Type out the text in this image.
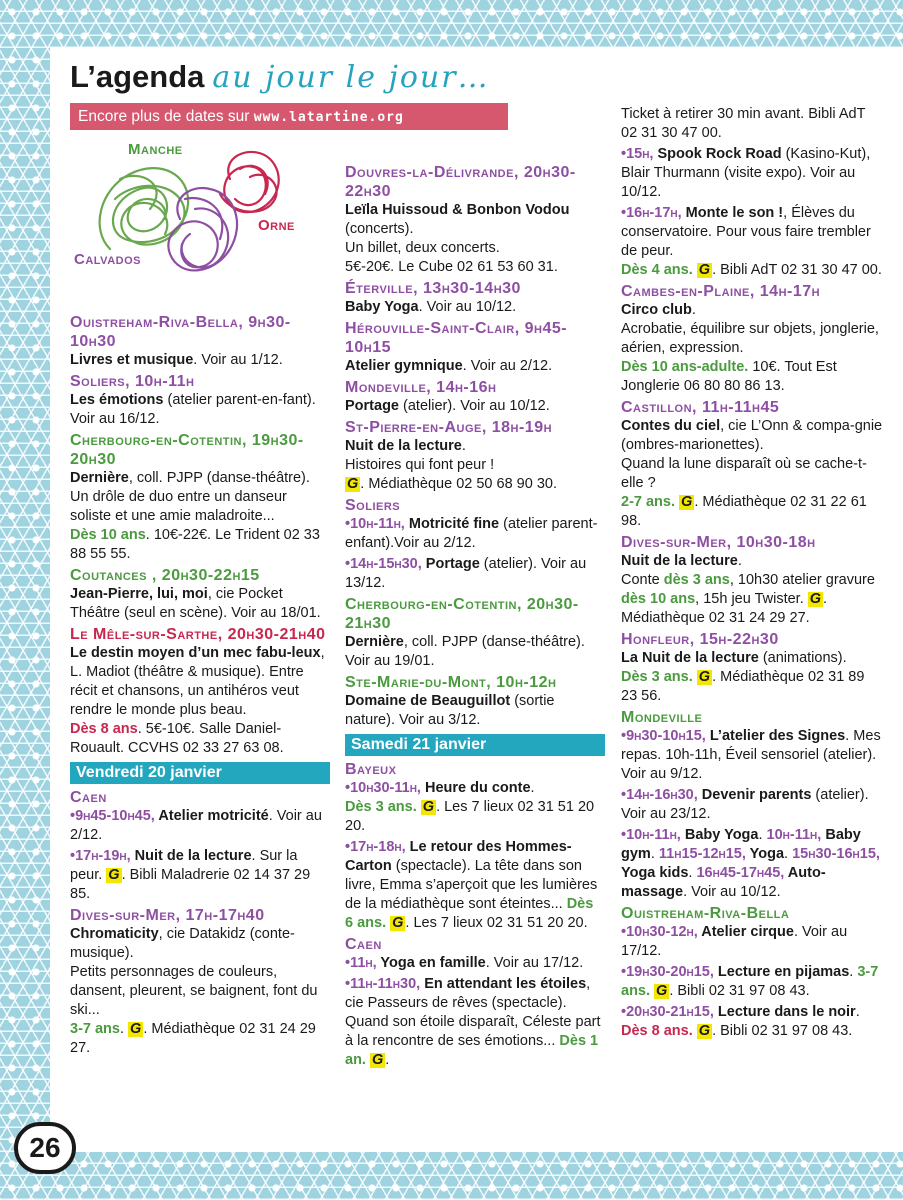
L’agenda au jour le jour…
Encore plus de dates sur www.latartine.org
Manche
Orne
Calvados
Ouistreham-Riva-Bella, 9h30-10h30
Livres et musique. Voir au 1/12.
Soliers, 10h-11h
Les émotions (atelier parent-en-fant). Voir au 16/12.
Cherbourg-en-Cotentin, 19h30-20h30
Dernière, coll. PJPP (danse-théâtre).
Un drôle de duo entre un danseur soliste et une amie maladroite...
Dès 10 ans. 10€-22€. Le Trident 02 33 88 55 55.
Coutances , 20h30-22h15
Jean-Pierre, lui, moi, cie Pocket Théâtre (seul en scène). Voir au 18/01.
Le Mêle-sur-Sarthe, 20h30-21h40
Le destin moyen d’un mec fabu-leux, L. Madiot (théâtre & musique). Entre récit et chansons, un antihéros veut rendre le monde plus beau.
Dès 8 ans. 5€-10€. Salle Daniel-Rouault. CCVHS 02 33 27 63 08.
Vendredi 20 janvier
Caen
•9h45-10h45, Atelier motricité. Voir au 2/12.
•17h-19h, Nuit de la lecture. Sur la peur. G . Bibli Maladrerie 02 14 37 29 85.
Dives-sur-Mer, 17h-17h40
Chromaticity, cie Datakidz (conte-musique).
Petits personnages de couleurs, dansent, pleurent, se baignent, font du ski...
3-7 ans. G . Médiathèque 02 31 24 29 27.
Douvres-la-Délivrande, 20h30-22h30
Leïla Huissoud & Bonbon Vodou (concerts).
Un billet, deux concerts.
5€-20€. Le Cube 02 61 53 60 31.
Éterville, 13h30-14h30
Baby Yoga. Voir au 10/12.
Hérouville-Saint-Clair, 9h45-10h15
Atelier gymnique. Voir au 2/12.
Mondeville, 14h-16h
Portage (atelier). Voir au 10/12.
St-Pierre-en-Auge, 18h-19h
Nuit de la lecture.
Histoires qui font peur !
G . Médiathèque 02 50 68 90 30.
Soliers
•10h-11h, Motricité fine (atelier parent-enfant).Voir au 2/12.
•14h-15h30, Portage (atelier). Voir au 13/12.
Cherbourg-en-Cotentin, 20h30-21h30
Dernière, coll. PJPP (danse-théâtre). Voir au 19/01.
Ste-Marie-du-Mont, 10h-12h
Domaine de Beauguillot (sortie nature). Voir au 3/12.
Samedi 21 janvier
Bayeux
•10h30-11h, Heure du conte.
Dès 3 ans. G . Les 7 lieux 02 31 51 20 20.
•17h-18h, Le retour des Hommes-Carton (spectacle). La tête dans son livre, Emma s’aperçoit que les lumières de la médiathèque sont éteintes... Dès 6 ans. G . Les 7 lieux 02 31 51 20 20.
Caen
•11h, Yoga en famille. Voir au 17/12.
•11h-11h30, En attendant les étoiles, cie Passeurs de rêves (spectacle). Quand son étoile disparaît, Céleste part à la rencontre de ses émotions... Dès 1 an. G .
Ticket à retirer 30 min avant. Bibli AdT 02 31 30 47 00.
•15h, Spook Rock Road (Kasino-Kut), Blair Thurmann (visite expo). Voir au 10/12.
•16h-17h, Monte le son !, Élèves du conservatoire. Pour vous faire trembler de peur.
Dès 4 ans. G . Bibli AdT 02 31 30 47 00.
Cambes-en-Plaine, 14h-17h
Circo club.
Acrobatie, équilibre sur objets, jonglerie, aérien, expression.
Dès 10 ans-adulte. 10€. Tout Est Jonglerie 06 80 80 86 13.
Castillon, 11h-11h45
Contes du ciel, cie L’Onn & compa-gnie (ombres-marionettes).
Quand la lune disparaît où se cache-t-elle ?
2-7 ans. G . Médiathèque 02 31 22 61 98.
Dives-sur-Mer, 10h30-18h
Nuit de la lecture.
Conte dès 3 ans, 10h30 atelier gravure dès 10 ans, 15h jeu Twister. G . Médiathèque 02 31 24 29 27.
Honfleur, 15h-22h30
La Nuit de la lecture (animations).
Dès 3 ans. G . Médiathèque 02 31 89 23 56.
Mondeville
•9h30-10h15, L’atelier des Signes. Mes repas. 10h-11h, Éveil sensoriel (atelier). Voir au 9/12.
•14h-16h30, Devenir parents (atelier). Voir au 23/12.
•10h-11h, Baby Yoga. 10h-11h, Baby gym. 11h15-12h15, Yoga. 15h30-16h15, Yoga kids. 16h45-17h45, Auto-massage. Voir au 10/12.
Ouistreham-Riva-Bella
•10h30-12h, Atelier cirque. Voir au 17/12.
•19h30-20h15, Lecture en pijamas. 3-7 ans. G . Bibli 02 31 97 08 43.
•20h30-21h15, Lecture dans le noir. Dès 8 ans. G . Bibli 02 31 97 08 43.
26
